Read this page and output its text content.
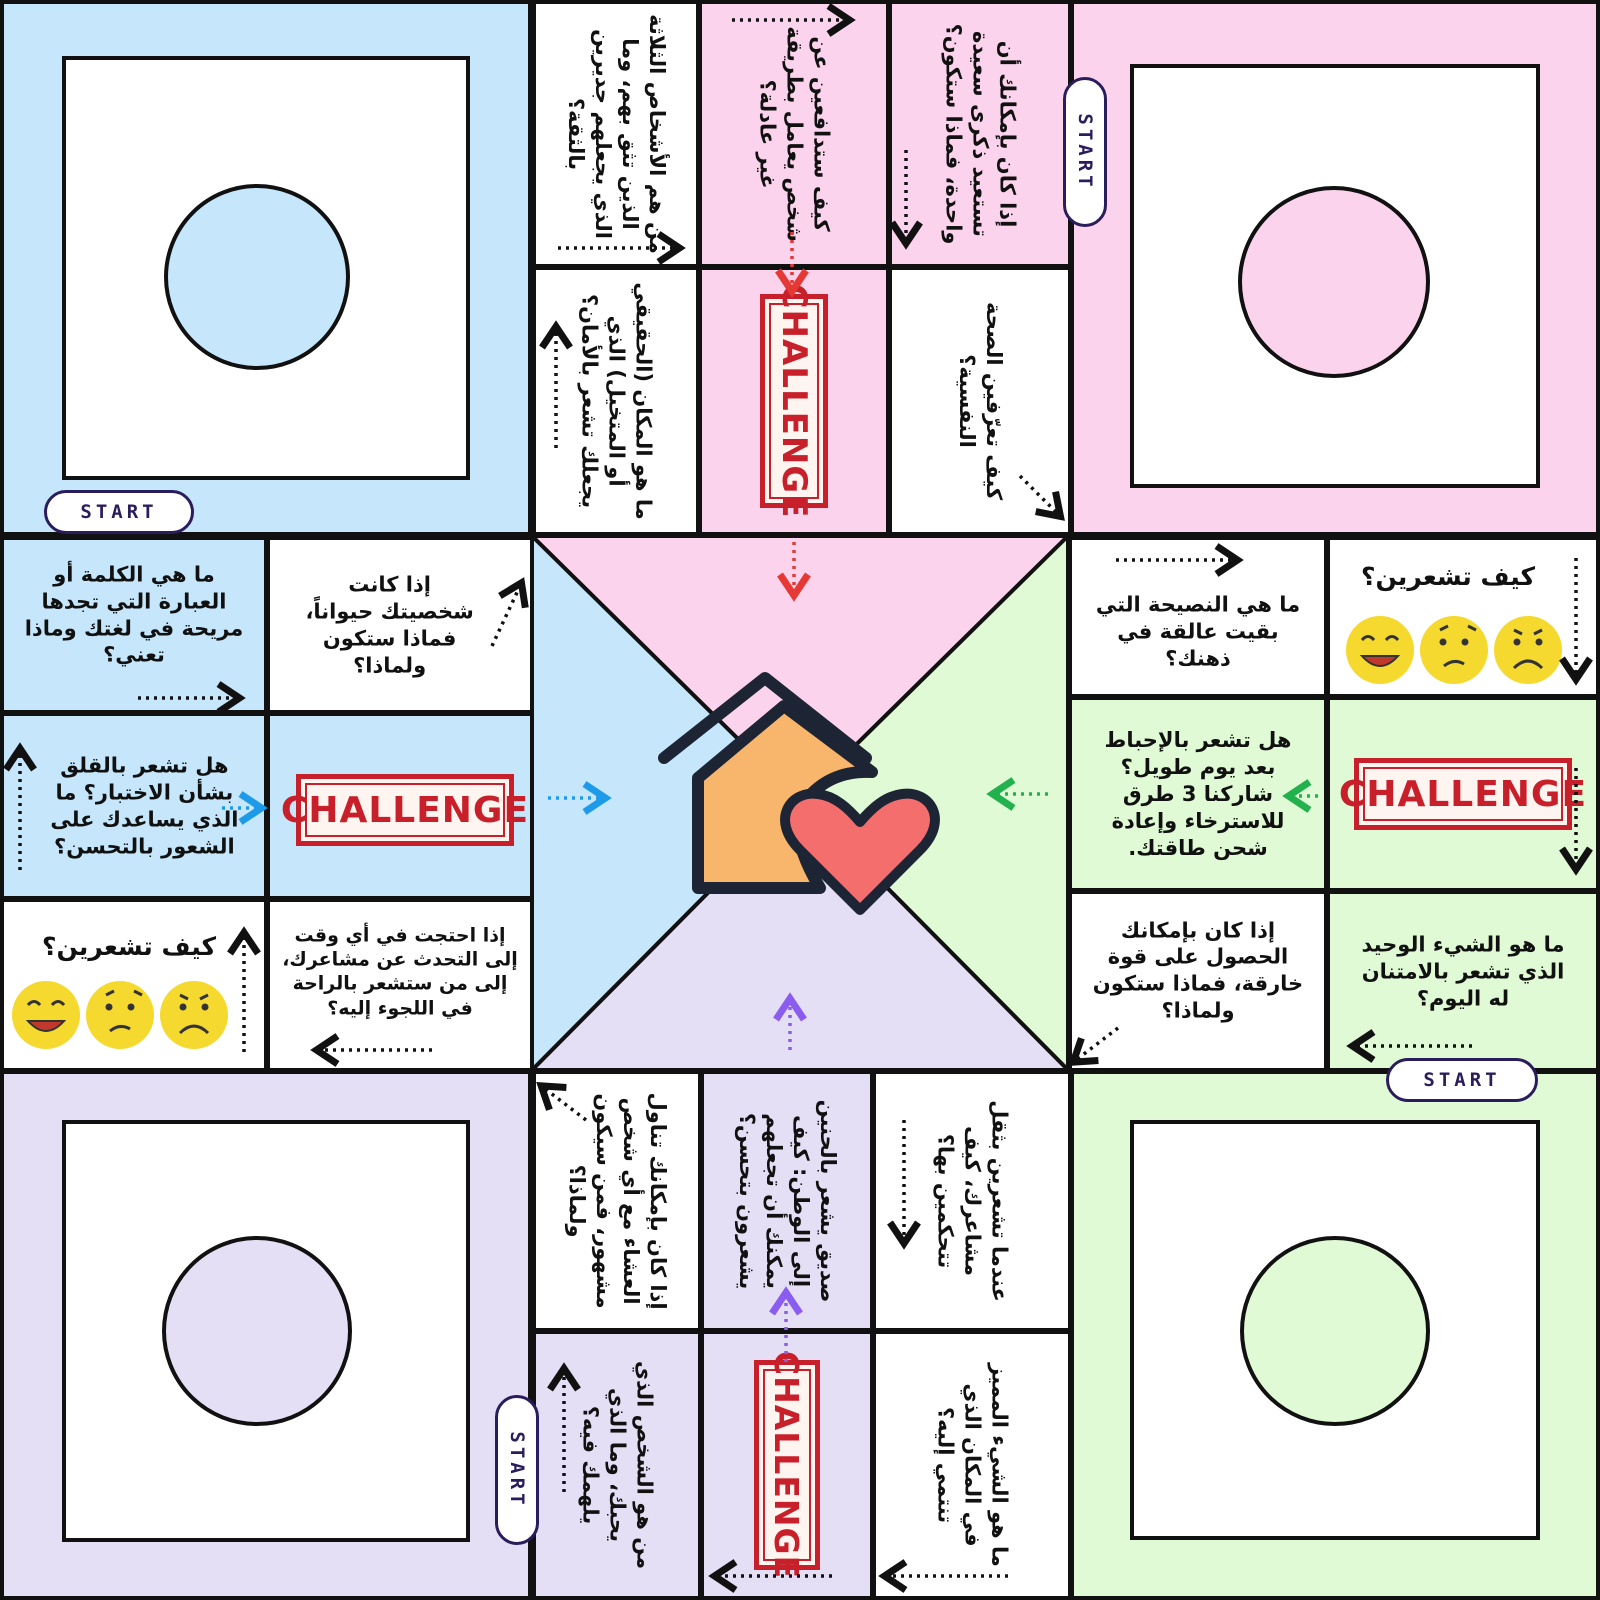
إذا كان بإمكانك أن تستعيد ذكرى سعيدة واحدة، فماذا ستكون؟
كيف ستدافعين عن شخص يعامل بطريقة غير عادلة؟
من هم الأشخاص الثلاثة الذين تثق بهم، وما الذي يجعلهم جديرين بالثقة؟
كيف تعرّفين الصحة النفسية؟
CHALLENGE
ما هو المكان (الحقيقي أو المتخيل) الذي يجعلك تشعر بالأمان؟
كيف تشعرين؟
ما هي النصيحة التي بقيت عالقة في ذهنك؟
CHALLENGE
هل تشعر بالإحباط بعد يوم طويل؟ شاركنا 3 طرق للاسترخاء وإعادة شحن طاقتك.
ما هو الشيء الوحيد الذي تشعر بالامتنان له اليوم؟
إذا كان بإمكانك الحصول على قوة خارقة، فماذا ستكون ولماذا؟
عندما تشعرين بثقل مشاعرك، كيف تتحكمين بها؟
صديق يشعر بالحنين إلى الوطن: كيف يمكنك أن تجعلهم يشعرون بتحسن؟
إذا كان بإمكانك تناول العشاء مع أي شخص مشهور، فمن سيكون ولماذا؟
ما هو الشيء المميز في المكان الذي تنتمي إليه؟
CHALLENGE
من هو الشخص الذي يحبك، وما الذي يلهمك فيه؟
ما هي الكلمة أو العبارة التي تجدها مريحة في لغتك وماذا تعني؟
إذا كانت شخصيتك حيواناً، فماذا ستكون ولماذا؟
هل تشعر بالقلق بشأن الاختبار؟ ما الذي يساعدك على الشعور بالتحسن؟
CHALLENGE
كيف تشعرين؟	إذا احتجت في أي وقت إلى التحدث عن مشاعرك، إلى من ستشعر بالراحة في اللجوء إليه؟
START
START
START
START
